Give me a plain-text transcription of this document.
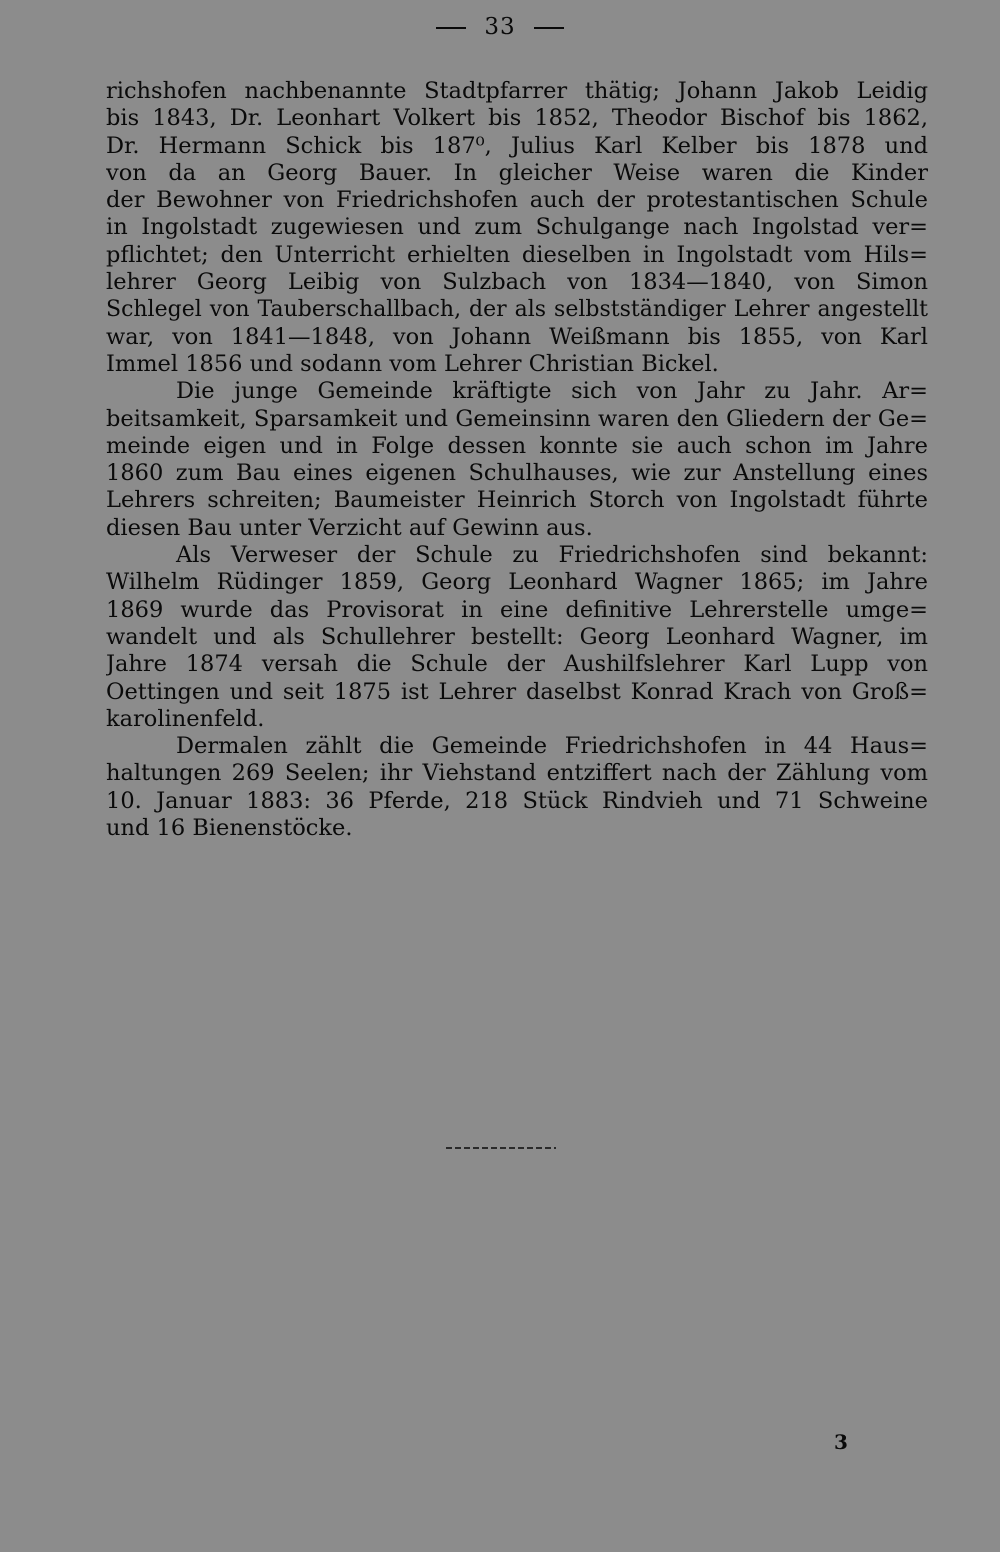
33
richshofen nachbenannte Stadtpfarrer thätig; Johann Jakob Leidig
bis 1843, Dr. Leonhart Volkert bis 1852, Theodor Bischof bis 1862,
Dr. Hermann Schick bis 187⁰, Julius Karl Kelber bis 1878 und
von da an Georg Bauer. In gleicher Weise waren die Kinder
der Bewohner von Friedrichshofen auch der protestantischen Schule
in Ingolstadt zugewiesen und zum Schulgange nach Ingolstad ver=
pflichtet; den Unterricht erhielten dieselben in Ingolstadt vom Hils=
lehrer Georg Leibig von Sulzbach von 1834—1840, von Simon
Schlegel von Tauberschallbach, der als selbstständiger Lehrer angestellt
war, von 1841—1848, von Johann Weißmann bis 1855, von Karl
Immel 1856 und sodann vom Lehrer Christian Bickel.
Die junge Gemeinde kräftigte sich von Jahr zu Jahr. Ar=
beitsamkeit, Sparsamkeit und Gemeinsinn waren den Gliedern der Ge=
meinde eigen und in Folge dessen konnte sie auch schon im Jahre
1860 zum Bau eines eigenen Schulhauses, wie zur Anstellung eines
Lehrers schreiten; Baumeister Heinrich Storch von Ingolstadt führte
diesen Bau unter Verzicht auf Gewinn aus.
Als Verweser der Schule zu Friedrichshofen sind bekannt:
Wilhelm Rüdinger 1859, Georg Leonhard Wagner 1865; im Jahre
1869 wurde das Provisorat in eine definitive Lehrerstelle umge=
wandelt und als Schullehrer bestellt: Georg Leonhard Wagner, im
Jahre 1874 versah die Schule der Aushilfslehrer Karl Lupp von
Oettingen und seit 1875 ist Lehrer daselbst Konrad Krach von Groß=
karolinenfeld.
Dermalen zählt die Gemeinde Friedrichshofen in 44 Haus=
haltungen 269 Seelen; ihr Viehstand entziffert nach der Zählung vom
10. Januar 1883: 36 Pferde, 218 Stück Rindvieh und 71 Schweine
und 16 Bienenstöcke.
3
